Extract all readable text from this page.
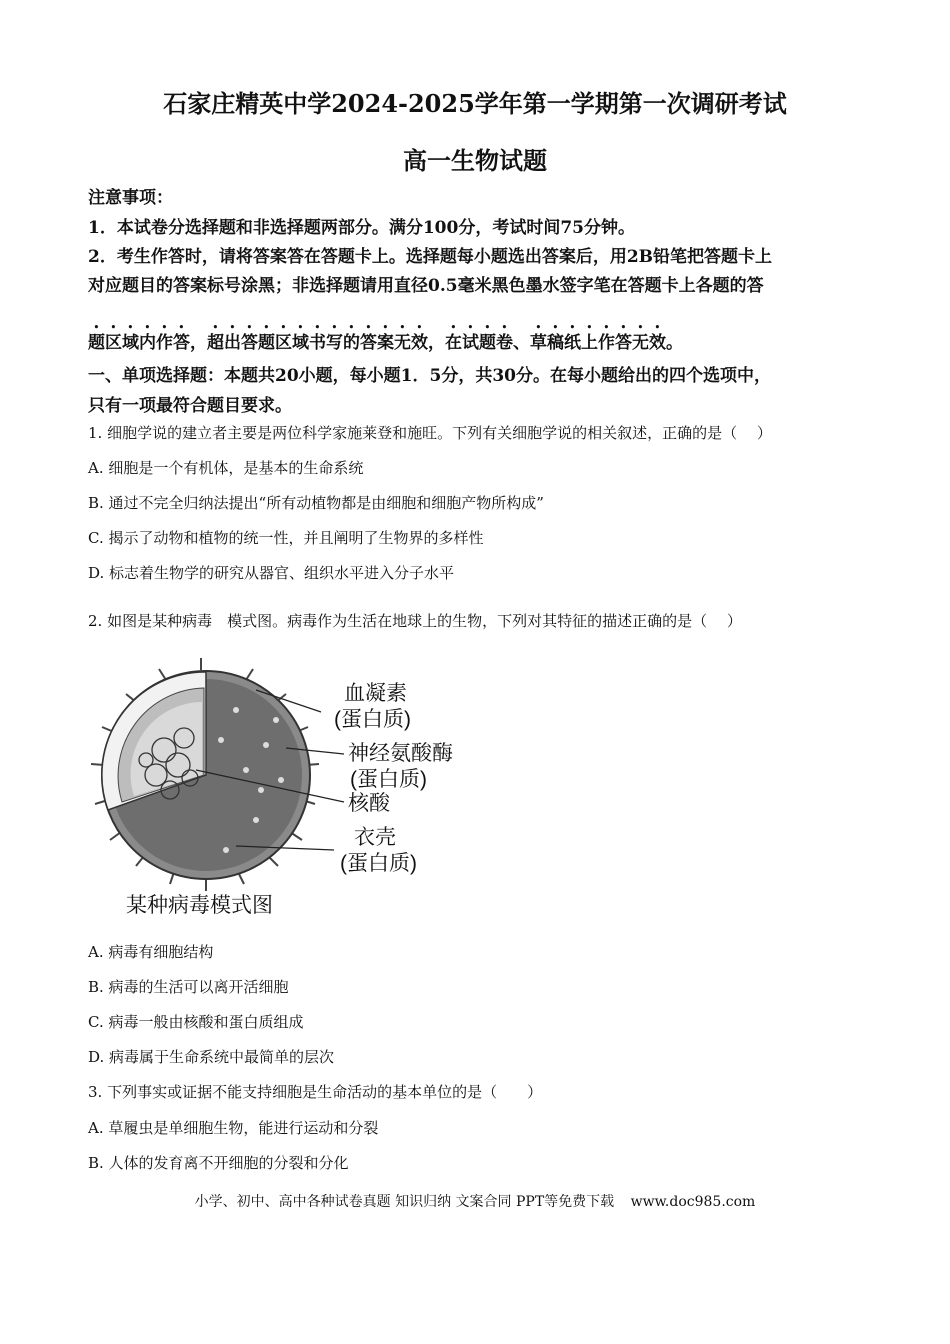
石家庄精英中学2024-2025学年第一学期第一次调研考试
高一生物试题
注意事项：
1．本试卷分选择题和非选择题两部分。满分100分，考试时间75分钟。
2．考生作答时，请将答案答在答题卡上。选择题每小题选出答案后，用2B铅笔把答题卡上
对应题目的答案标号涂黑；非选择题请用直径0.5毫米黑色墨水签字笔在答题卡上各题的答
题区域内作答，超出答题区域书写的答案无效，在试题卷、草稿纸上作答无效。
一、单项选择题：本题共20小题，每小题1．5分，共30分。在每小题给出的四个选项中，
只有一项最符合题目要求。
1. 细胞学说的建立者主要是两位科学家施莱登和施旺。下列有关细胞学说的相关叙述，正确的是（　 ）
A. 细胞是一个有机体，是基本的生命系统
B. 通过不完全归纳法提出“所有动植物都是由细胞和细胞产物所构成”
C. 揭示了动物和植物的统一性，并且阐明了生物界的多样性
D. 标志着生物学的研究从器官、组织水平进入分子水平
2. 如图是某种病毒　模式图。病毒作为生活在地球上的生物，下列对其特征的描述正确的是（　 ）
血凝素
(蛋白质)
神经氨酸酶
(蛋白质)
核酸
衣壳
(蛋白质)
某种病毒模式图
A. 病毒有细胞结构
B. 病毒的生活可以离开活细胞
C. 病毒一般由核酸和蛋白质组成
D. 病毒属于生命系统中最简单的层次
3. 下列事实或证据不能支持细胞是生命活动的基本单位的是（　　）
A. 草履虫是单细胞生物，能进行运动和分裂
B. 人体的发育离不开细胞的分裂和分化
小学、初中、高中各种试卷真题 知识归纳 文案合同 PPT等免费下载 www.doc985.com
